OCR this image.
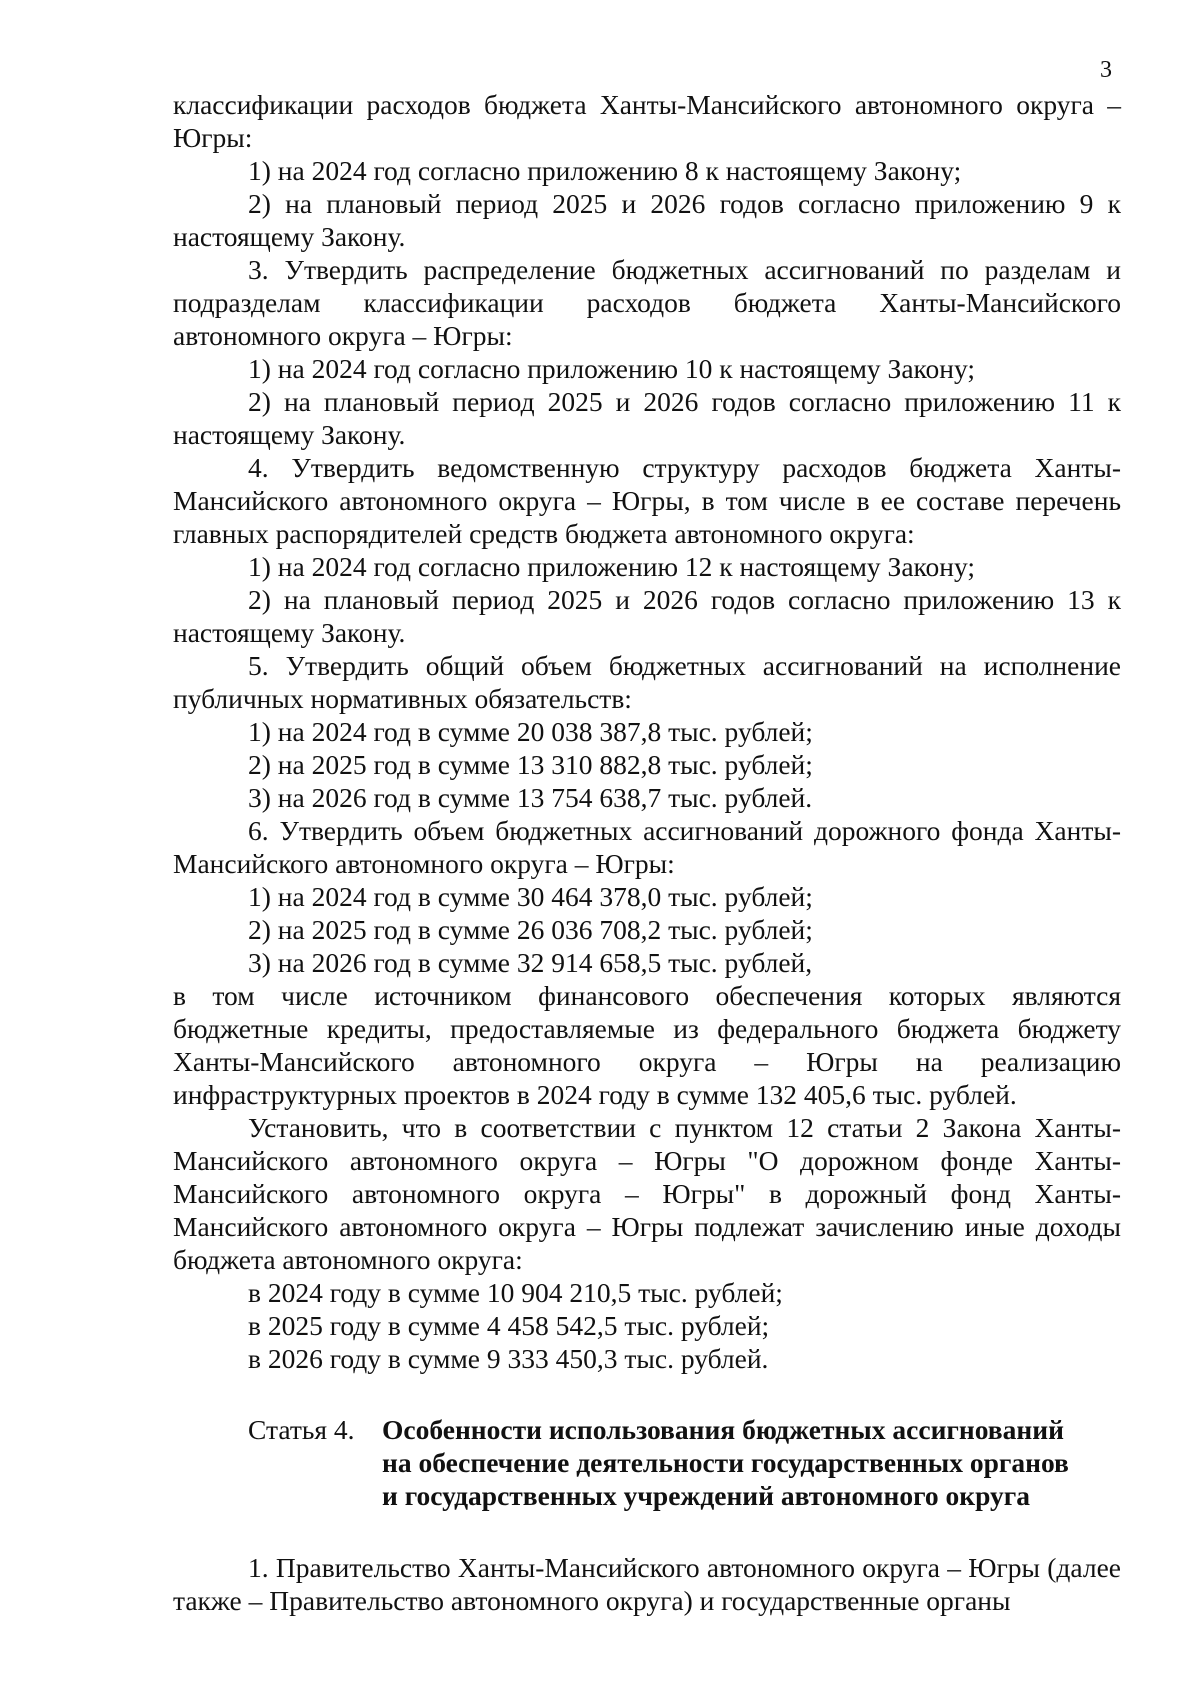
3

классификации расходов бюджета Ханты-Мансийского автономного округа – Югры:

1) на 2024 год согласно приложению 8 к настоящему Закону;

2) на плановый период 2025 и 2026 годов согласно приложению 9 к настоящему Закону.

3. Утвердить распределение бюджетных ассигнований по разделам и подразделам классификации расходов бюджета Ханты-Мансийского автономного округа – Югры:

1) на 2024 год согласно приложению 10 к настоящему Закону;

2) на плановый период 2025 и 2026 годов согласно приложению 11 к настоящему Закону.

4. Утвердить ведомственную структуру расходов бюджета Ханты-Мансийского автономного округа – Югры, в том числе в ее составе перечень главных распорядителей средств бюджета автономного округа:

1) на 2024 год согласно приложению 12 к настоящему Закону;

2) на плановый период 2025 и 2026 годов согласно приложению 13 к настоящему Закону.

5. Утвердить общий объем бюджетных ассигнований на исполнение публичных нормативных обязательств:

1) на 2024 год в сумме 20 038 387,8 тыс. рублей;

2) на 2025 год в сумме 13 310 882,8 тыс. рублей;

3) на 2026 год в сумме 13 754 638,7 тыс. рублей.

6. Утвердить объем бюджетных ассигнований дорожного фонда Ханты-Мансийского автономного округа – Югры:

1) на 2024 год в сумме 30 464 378,0 тыс. рублей;

2) на 2025 год в сумме 26 036 708,2 тыс. рублей;

3) на 2026 год в сумме 32 914 658,5 тыс. рублей,

в том числе источником финансового обеспечения которых являются бюджетные кредиты, предоставляемые из федерального бюджета бюджету Ханты-Мансийского автономного округа – Югры на реализацию инфраструктурных проектов в 2024 году в сумме 132 405,6 тыс. рублей.

Установить, что в соответствии с пунктом 12 статьи 2 Закона Ханты-Мансийского автономного округа – Югры "О дорожном фонде Ханты-Мансийского автономного округа – Югры" в дорожный фонд Ханты-Мансийского автономного округа – Югры подлежат зачислению иные доходы бюджета автономного округа:

в 2024 году в сумме 10 904 210,5 тыс. рублей;

в 2025 году в сумме 4 458 542,5 тыс. рублей;

в 2026 году в сумме 9 333 450,3 тыс. рублей.

Статья 4. Особенности использования бюджетных ассигнований
на обеспечение деятельности государственных органов
и государственных учреждений автономного округа

1. Правительство Ханты-Мансийского автономного округа – Югры (далее также – Правительство автономного округа) и государственные органы
